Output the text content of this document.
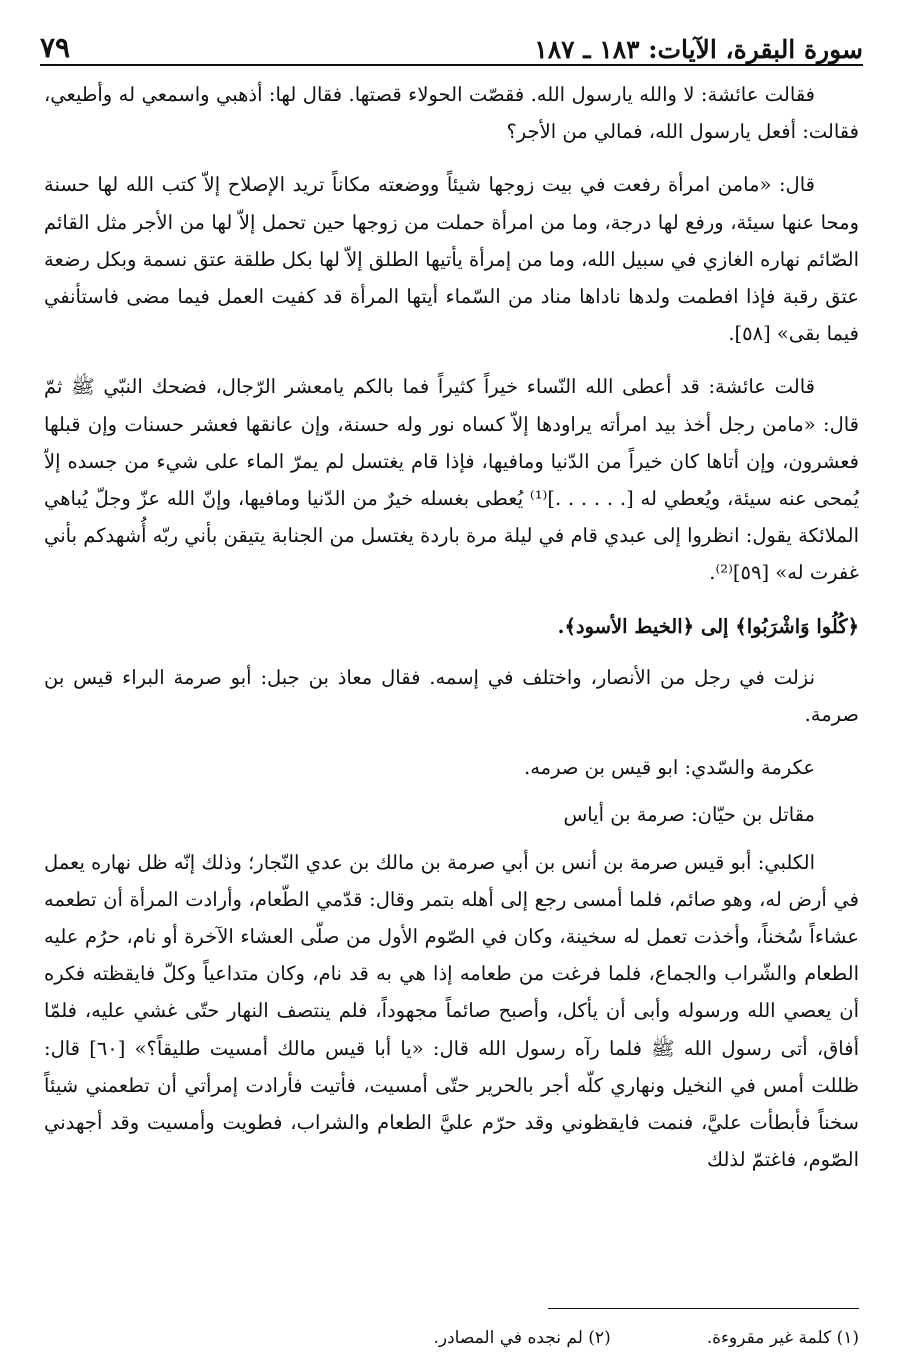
٧٩	سورة البقرة، الآيات: ١٨٣ ـ ١٨٧

فقالت عائشة: لا والله يارسول الله. فقصّت الحولاء قصتها. فقال لها: أذهبي واسمعي له وأطيعي، فقالت: أفعل يارسول الله، فمالي من الأجر؟

قال: «مامن امرأة رفعت في بيت زوجها شيئاً ووضعته مكاناً تريد الإصلاح إلاّ كتب الله لها حسنة ومحا عنها سيئة، ورفع لها درجة، وما من امرأة حملت من زوجها حين تحمل إلاّ لها من الأجر مثل القائم الصّائم نهاره الغازي في سبيل الله، وما من إمرأة يأتيها الطلق إلاّ لها بكل طلقة عتق نسمة وبكل رضعة عتق رقبة فإذا افطمت ولدها ناداها مناد من السّماء أيتها المرأة قد كفيت العمل فيما مضى فاستأنفي فيما بقى» [٥٨].

قالت عائشة: قد أعطى الله النّساء خيراً كثيراً فما بالكم يامعشر الرّجال، فضحك النبّي ﷺ ثمّ قال: «مامن رجل أخذ بيد امرأته يراودها إلاّ كساه نور وله حسنة، وإن عانقها فعشر حسنات وإن قبلها فعشرون، وإن أتاها كان خيراً من الدّنيا ومافيها، فإذا قام يغتسل لم يمرّ الماء على شيء من جسده إلاّ يُمحى عنه سيئة، ويُعطي له [. . . . . .]⁽¹⁾ يُعطى بغسله خيرٌ من الدّنيا ومافيها، وإنّ الله عزّ وجلّ يُباهي الملائكة يقول: انظروا إلى عبدي قام في ليلة مرة باردة يغتسل من الجنابة يتيقن بأني ربّه أُشهدكم بأني غفرت له» [٥٩]⁽²⁾.

﴿كُلُوا وَاشْرَبُوا﴾ إلى ﴿الخيط الأسود﴾.

نزلت في رجل من الأنصار، واختلف في إسمه. فقال معاذ بن جبل: أبو صرمة البراء قيس بن صرمة.

عكرمة والسّدي: ابو قيس بن صرمه.

مقاتل بن حيّان: صرمة بن أياس

الكلبي: أبو قيس صرمة بن أنس بن أبي صرمة بن مالك بن عدي النّجار؛ وذلك إنّه ظل نهاره يعمل في أرض له، وهو صائم، فلما أمسى رجع إلى أهله بتمر وقال: قدّمي الطّعام، وأرادت المرأة أن تطعمه عشاءاً سُخناً، وأخذت تعمل له سخينة، وكان في الصّوم الأول من صلّى العشاء الآخرة أو نام، حرُم عليه الطعام والشّراب والجماع، فلما فرغت من طعامه إذا هي به قد نام، وكان متداعياً وكلّ فايقظته فكره أن يعصي الله ورسوله وأبى أن يأكل، وأصبح صائماً مجهوداً، فلم ينتصف النهار حتّى غشي عليه، فلمّا أفاق، أتى رسول الله ﷺ فلما رآه رسول الله قال: «يا أبا قيس مالك أمسيت طليقاً؟» [٦٠] قال: ظللت أمس في النخيل ونهاري كلّه أجر بالحرير حتّى أمسيت، فأتيت فأرادت إمرأتي أن تطعمني شيئاً سخناً فأبطأت عليَّ، فنمت فايقظوني وقد حرّم عليَّ الطعام والشراب، فطويت وأمسيت وقد أجهدني الصّوم، فاغتمّ لذلك

(١) كلمة غير مقروءة.
(٢) لم نجده في المصادر.
